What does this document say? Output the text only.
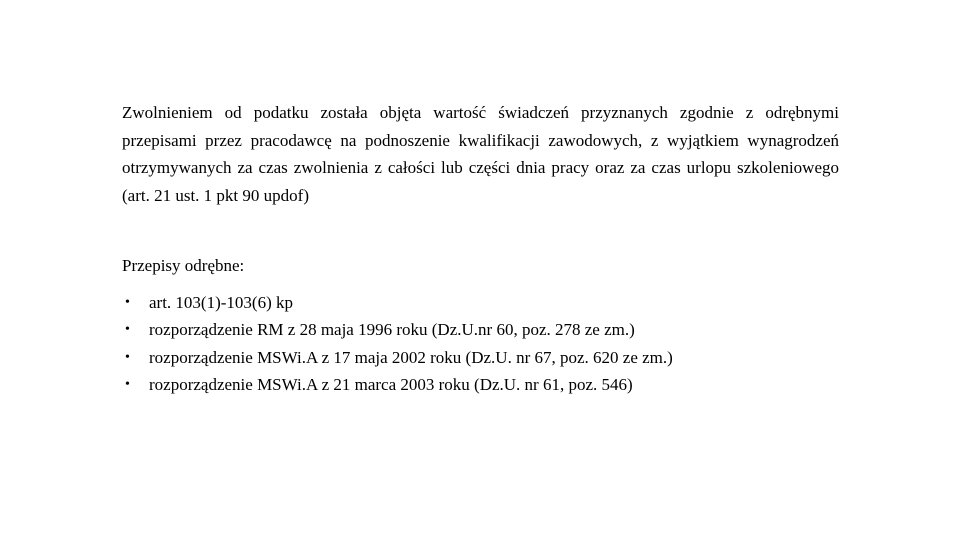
Zwolnieniem od podatku została objęta wartość świadczeń przyznanych zgodnie z odrębnymi przepisami przez pracodawcę na podnoszenie kwalifikacji zawodowych, z wyjątkiem wynagrodzeń otrzymywanych za czas zwolnienia z całości lub części dnia pracy oraz za czas urlopu szkoleniowego (art. 21 ust. 1 pkt 90 updof)

Przepisy odrębne:

• art. 103(1)-103(6) kp
• rozporządzenie RM z 28 maja 1996 roku (Dz.U.nr 60, poz. 278 ze zm.)
• rozporządzenie MSWi.A z 17 maja 2002 roku (Dz.U. nr 67, poz. 620 ze zm.)
• rozporządzenie MSWi.A z 21 marca 2003 roku (Dz.U. nr 61, poz. 546)
